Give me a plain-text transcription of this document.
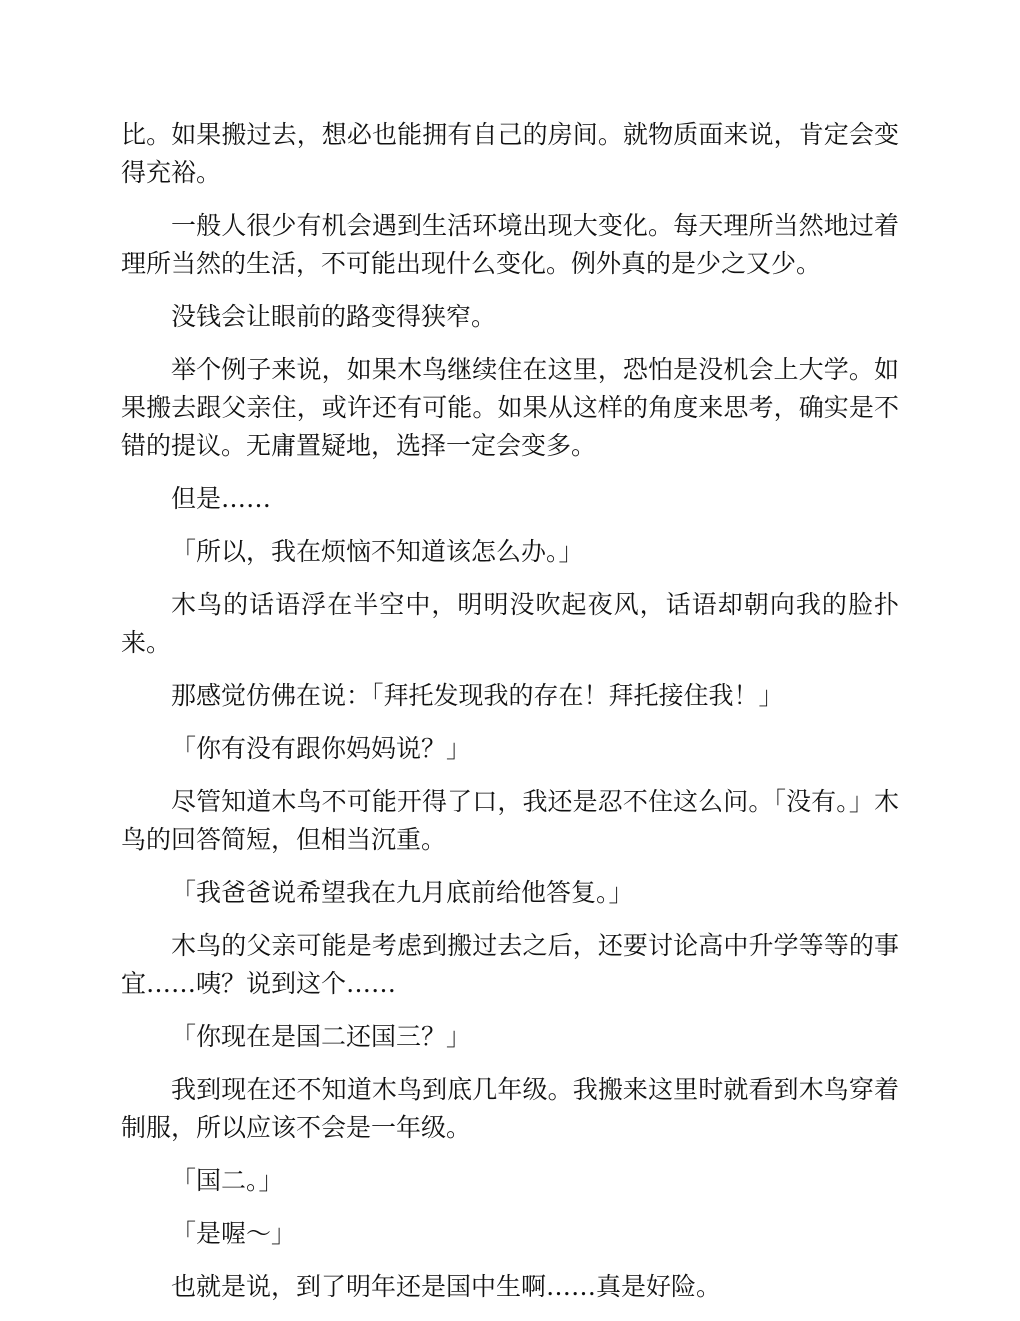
比。如果搬过去，想必也能拥有自己的房间。就物质面来说，肯定会变得充裕。

一般人很少有机会遇到生活环境出现大变化。每天理所当然地过着理所当然的生活，不可能出现什么变化。例外真的是少之又少。

没钱会让眼前的路变得狭窄。

举个例子来说，如果木鸟继续住在这里，恐怕是没机会上大学。如果搬去跟父亲住，或许还有可能。如果从这样的角度来思考，确实是不错的提议。无庸置疑地，选择一定会变多。

但是……

「所以，我在烦恼不知道该怎么办。」

木鸟的话语浮在半空中，明明没吹起夜风，话语却朝向我的脸扑来。

那感觉仿佛在说：「拜托发现我的存在！拜托接住我！」

「你有没有跟你妈妈说？」

尽管知道木鸟不可能开得了口，我还是忍不住这么问。「没有。」木鸟的回答简短，但相当沉重。

「我爸爸说希望我在九月底前给他答复。」

木鸟的父亲可能是考虑到搬过去之后，还要讨论高中升学等等的事宜……咦？说到这个……

「你现在是国二还国三？」

我到现在还不知道木鸟到底几年级。我搬来这里时就看到木鸟穿着制服，所以应该不会是一年级。

「国二。」

「是喔～」

也就是说，到了明年还是国中生啊……真是好险。
